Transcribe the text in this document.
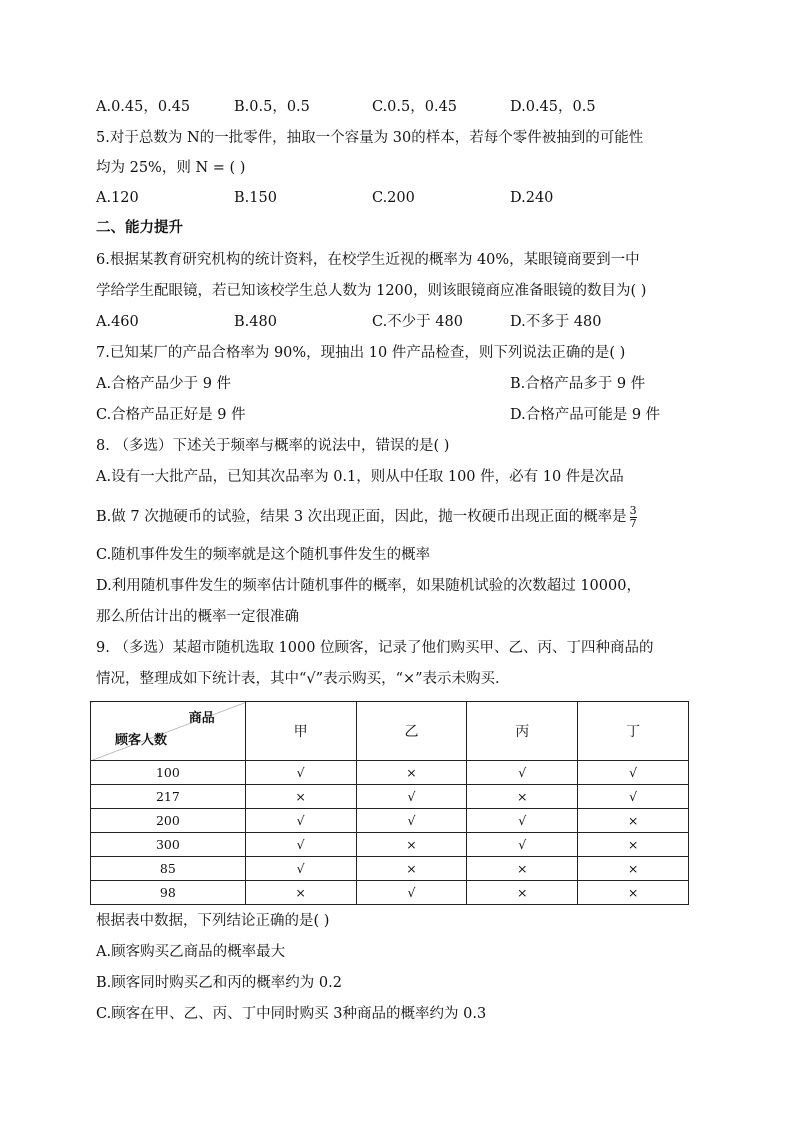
A.0.45，0.45	B.0.5，0.5	C.0.5，0.45	D.0.45，0.5
5.对于总数为 N的一批零件，抽取一个容量为 30的样本，若每个零件被抽到的可能性
均为 25%，则 N = ( )
A.120	B.150	C.200	D.240
二、能力提升
6.根据某教育研究机构的统计资料，在校学生近视的概率为 40%，某眼镜商要到一中
学给学生配眼镜，若已知该校学生总人数为 1200，则该眼镜商应准备眼镜的数目为( )
A.460	B.480	C.不少于 480	D.不多于 480
7.已知某厂的产品合格率为 90%，现抽出 10 件产品检查，则下列说法正确的是( )
A.合格产品少于 9 件	B.合格产品多于 9 件
C.合格产品正好是 9 件	D.合格产品可能是 9 件
8. （多选）下述关于频率与概率的说法中，错误的是( )
A.设有一大批产品，已知其次品率为 0.1，则从中任取 100 件，必有 10 件是次品
B.做 7 次抛硬币的试验，结果 3 次出现正面，因此，抛一枚硬币出现正面的概率是 $\frac{3}{7}$
C.随机事件发生的频率就是这个随机事件发生的概率
D.利用随机事件发生的频率估计随机事件的概率，如果随机试验的次数超过 10000，
那么所估计出的概率一定很准确
9. （多选）某超市随机选取 1000 位顾客，记录了他们购买甲、乙、丙、丁四种商品的
情况，整理成如下统计表，其中“√”表示购买，“×”表示未购买.
商品
顾客人数	甲	乙	丙	丁
100	√	×	√	√
217	×	√	×	√
200	√	√	√	×
300	√	×	√	×
85	√	×	×	×
98	×	√	×	×
根据表中数据，下列结论正确的是( )
A.顾客购买乙商品的概率最大
B.顾客同时购买乙和丙的概率约为 0.2
C.顾客在甲、乙、丙、丁中同时购买 3种商品的概率约为 0.3
